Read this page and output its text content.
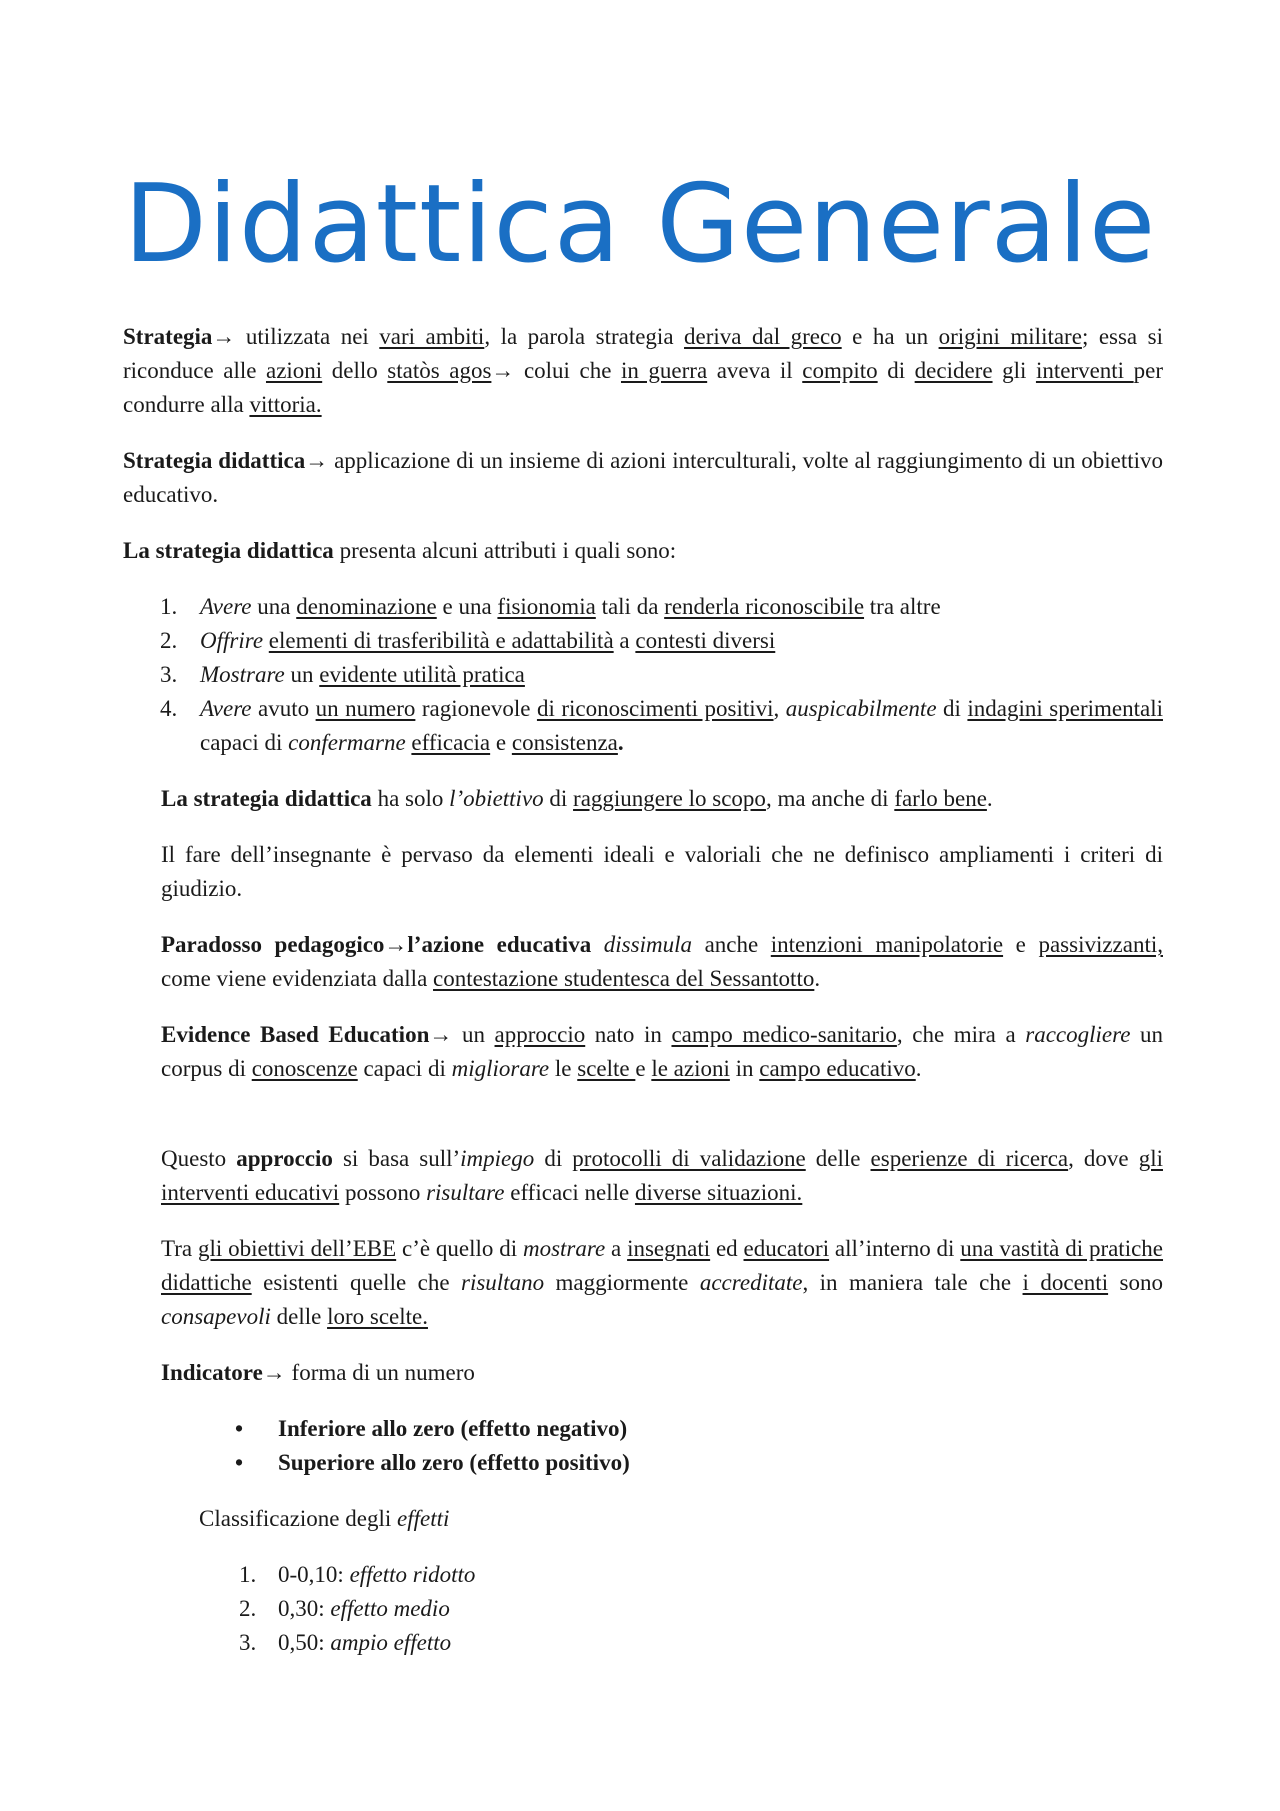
Didattica Generale

Strategia→ utilizzata nei vari ambiti, la parola strategia deriva dal greco e ha un origini militare; essa si riconduce alle azioni dello statòs agos→ colui che in guerra aveva il compito di decidere gli interventi per condurre alla vittoria.

Strategia didattica→ applicazione di un insieme di azioni interculturali, volte al raggiungimento di un obiettivo educativo.

La strategia didattica presenta alcuni attributi i quali sono:

1. Avere una denominazione e una fisionomia tali da renderla riconoscibile tra altre
2. Offrire elementi di trasferibilità e adattabilità a contesti diversi
3. Mostrare un evidente utilità pratica
4. Avere avuto un numero ragionevole di riconoscimenti positivi, auspicabilmente di indagini sperimentali capaci di confermarne efficacia e consistenza.

La strategia didattica ha solo l’obiettivo di raggiungere lo scopo, ma anche di farlo bene.

Il fare dell’insegnante è pervaso da elementi ideali e valoriali che ne definisco ampliamenti i criteri di giudizio.

Paradosso pedagogico→l’azione educativa dissimula anche intenzioni manipolatorie e passivizzanti, come viene evidenziata dalla contestazione studentesca del Sessantotto.

Evidence Based Education→ un approccio nato in campo medico-sanitario, che mira a raccogliere un corpus di conoscenze capaci di migliorare le scelte e le azioni in campo educativo.

Questo approccio si basa sull’impiego di protocolli di validazione delle esperienze di ricerca, dove gli interventi educativi possono risultare efficaci nelle diverse situazioni.

Tra gli obiettivi dell’EBE c’è quello di mostrare a insegnati ed educatori all’interno di una vastità di pratiche didattiche esistenti quelle che risultano maggiormente accreditate, in maniera tale che i docenti sono consapevoli delle loro scelte.

Indicatore→ forma di un numero

• Inferiore allo zero (effetto negativo)
• Superiore allo zero (effetto positivo)

Classificazione degli effetti

1. 0-0,10: effetto ridotto
2. 0,30: effetto medio
3. 0,50: ampio effetto
